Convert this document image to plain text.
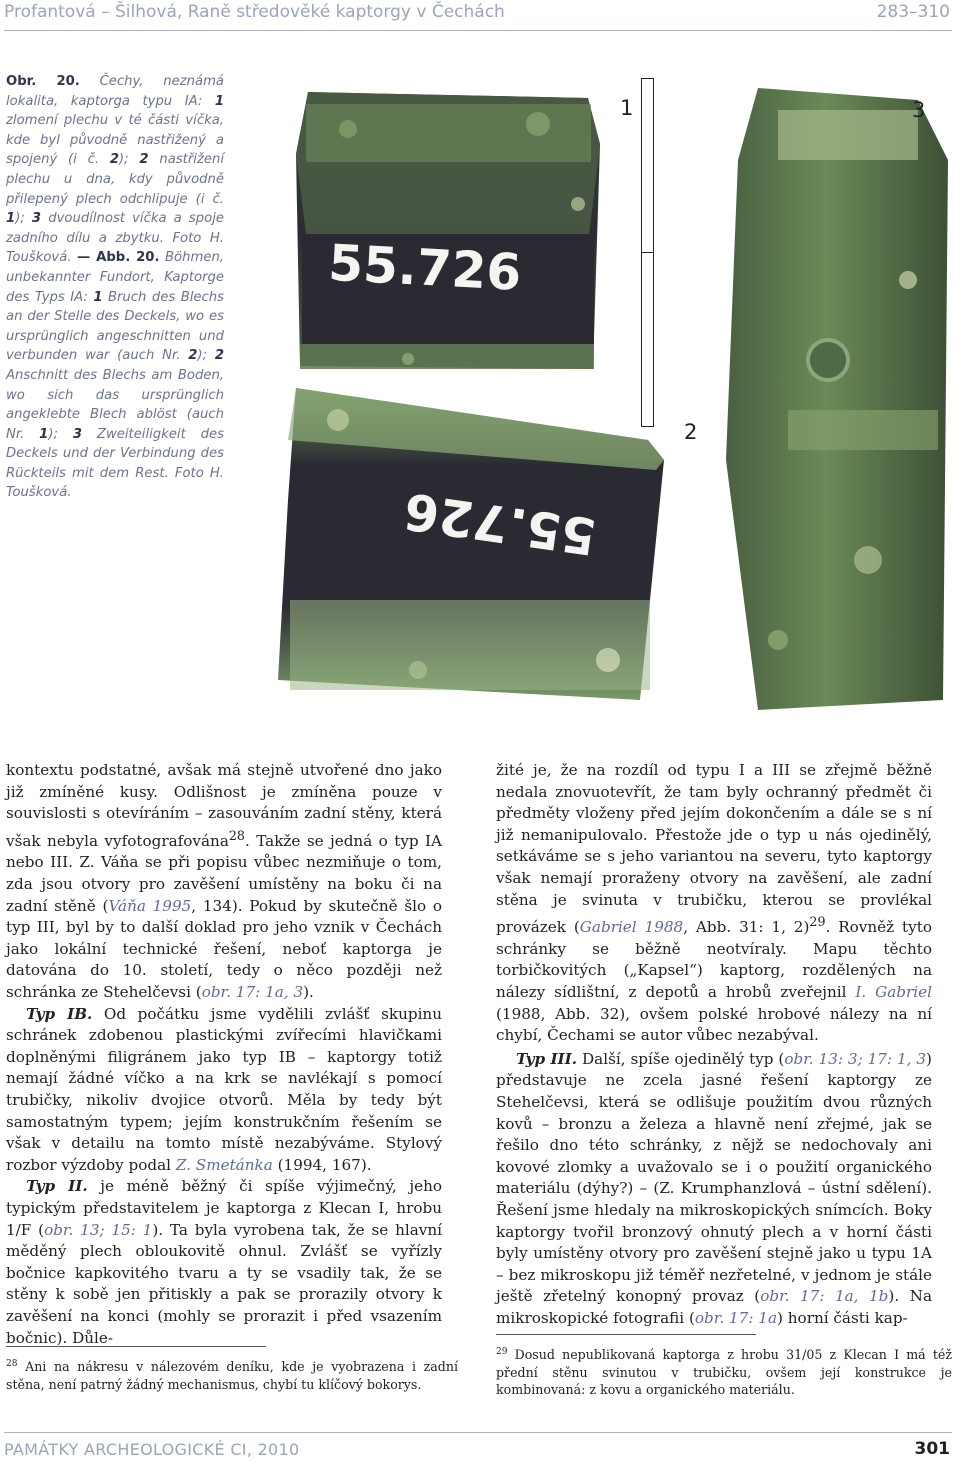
Profantová – Šilhová, Raně středověké kaptorgy v Čechách	283–310
Obr. 20. Čechy, neznámá lokalita, kaptorga typu IA: 1 zlomení plechu v té části víčka, kde byl původně nastřižený a spojený (i č. 2); 2 nastřižení plechu u dna, kdy původně přilepený plech odchlipuje (i č. 1); 3 dvoudílnost víčka a spoje zadního dílu a zbytku. Foto H. Toušková. — Abb. 20. Böhmen, unbekannter Fundort, Kaptorge des Typs IA: 1 Bruch des Blechs an der Stelle des Deckels, wo es ursprünglich angeschnitten und verbunden war (auch Nr. 2); 2 Anschnitt des Blechs am Boden, wo sich das ursprünglich angeklebte Blech ablöst (auch Nr. 1); 3 Zweiteiligkeit des Deckels und der Verbindung des Rückteils mit dem Rest. Foto H. Toušková.
55.726
55.726
1
2
3

kontextu podstatné, avšak má stejně utvořené dno jako již zmíněné kusy. Odlišnost je zmíněna pouze v souvislosti s otevíráním – zasouváním zadní stěny, která však nebyla vyfotografována$^{28}$. Takže se jedná o typ IA nebo III. Z. Váňa se při popisu vůbec nezmiňuje o tom, zda jsou otvory pro zavěšení umístěny na boku či na zadní stěně (Váňa 1995, 134). Pokud by skutečně šlo o typ III, byl by to další doklad pro jeho vznik v Čechách jako lokální technické řešení, neboť kaptorga je datována do 10. století, tedy o něco později než schránka ze Stehelčevsi (obr. 17: 1a, 3).

Typ IB. Od počátku jsme vydělili zvlášť skupinu schránek zdobenou plastickými zvířecími hlavičkami doplněnými filigránem jako typ IB – kaptorgy totiž nemají žádné víčko a na krk se navlékají s pomocí trubičky, nikoliv dvojice otvorů. Měla by tedy být samostatným typem; jejím konstrukčním řešením se však v detailu na tomto místě nezabýváme. Stylový rozbor výzdoby podal Z. Smetánka (1994, 167).

Typ II. je méně běžný či spíše výjimečný, jeho typickým představitelem je kaptorga z Klecan I, hrobu 1/F (obr. 13; 15: 1). Ta byla vyrobena tak, že se hlavní měděný plech obloukovitě ohnul. Zvlášť se vyřízly bočnice kapkovitého tvaru a ty se vsadily tak, že se stěny k sobě jen přitiskly a pak se prorazily otvory k zavěšení na konci (mohly se prorazit i před vsazením bočnic). Důle-

žité je, že na rozdíl od typu I a III se zřejmě běžně nedala znovuotevřít, že tam byly ochranný předmět či předměty vloženy před jejím dokončením a dále se s ní již nemanipulovalo. Přestože jde o typ u nás ojedinělý, setkáváme se s jeho variantou na severu, tyto kaptorgy však nemají proraženy otvory na zavěšení, ale zadní stěna je svinuta v trubičku, kterou se provlékal provázek (Gabriel 1988, Abb. 31: 1, 2)$^{29}$. Rovněž tyto schránky se běžně neotvíraly. Mapu těchto torbičkovitých („Kapsel“) kaptorg, rozdělených na nálezy sídlištní, z depotů a hrobů zveřejnil I. Gabriel (1988, Abb. 32), ovšem polské hrobové nálezy na ní chybí, Čechami se autor vůbec nezabýval.

Typ III. Další, spíše ojedinělý typ (obr. 13: 3; 17: 1, 3) představuje ne zcela jasné řešení kaptorgy ze Stehelčevsi, která se odlišuje použitím dvou různých kovů – bronzu a železa a hlavně není zřejmé, jak se řešilo dno této schránky, z nějž se nedochovaly ani kovové zlomky a uvažovalo se i o použití organického materiálu (dýhy?) – (Z. Krumphanzlová – ústní sdělení). Řešení jsme hledaly na mikroskopických snímcích. Boky kaptorgy tvořil bronzový ohnutý plech a v horní části byly umístěny otvory pro zavěšení stejně jako u typu 1A – bez mikroskopu již téměř nezřetelné, v jednom je stále ještě zřetelný konopný provaz (obr. 17: 1a, 1b). Na mikroskopické fotografii (obr. 17: 1a) horní části kap-

$^{28}$ Ani na nákresu v nálezovém deníku, kde je vyobrazena i zadní stěna, není patrný žádný mechanismus, chybí tu klíčový bokorys.
$^{29}$ Dosud nepublikovaná kaptorga z hrobu 31/05 z Klecan I má též přední stěnu svinutou v trubičku, ovšem její konstrukce je kombinovaná: z kovu a organického materiálu.
PAMÁTKY ARCHEOLOGICKÉ CI, 2010	301
